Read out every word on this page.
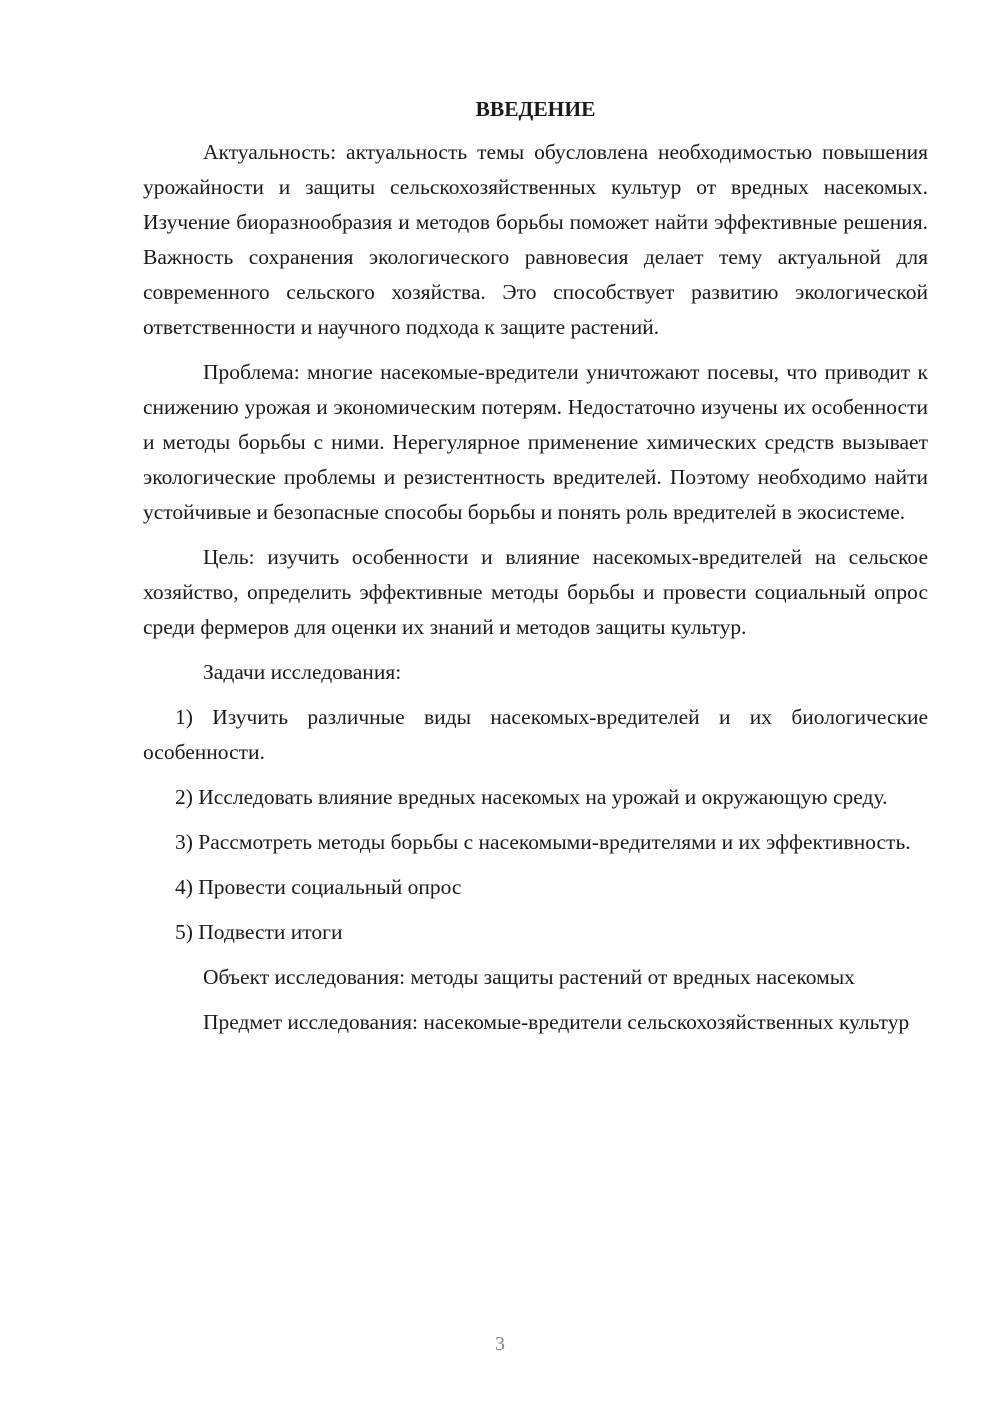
ВВЕДЕНИЕ

Актуальность: актуальность темы обусловлена необходимостью повышения урожайности и защиты сельскохозяйственных культур от вредных насекомых. Изучение биоразнообразия и методов борьбы поможет найти эффективные решения. Важность сохранения экологического равновесия делает тему актуальной для современного сельского хозяйства. Это способствует развитию экологической ответственности и научного подхода к защите растений.

Проблема: многие насекомые-вредители уничтожают посевы, что приводит к снижению урожая и экономическим потерям. Недостаточно изучены их особенности и методы борьбы с ними. Нерегулярное применение химических средств вызывает экологические проблемы и резистентность вредителей. Поэтому необходимо найти устойчивые и безопасные способы борьбы и понять роль вредителей в экосистеме.

Цель: изучить особенности и влияние насекомых-вредителей на сельское хозяйство, определить эффективные методы борьбы и провести социальный опрос среди фермеров для оценки их знаний и методов защиты культур.

Задачи исследования:

1) Изучить различные виды насекомых-вредителей и их биологические особенности.

2) Исследовать влияние вредных насекомых на урожай и окружающую среду.

3) Рассмотреть методы борьбы с насекомыми-вредителями и их эффективность.

4) Провести социальный опрос

5) Подвести итоги

Объект исследования: методы защиты растений от вредных насекомых

Предмет исследования: насекомые-вредители сельскохозяйственных культур

3
